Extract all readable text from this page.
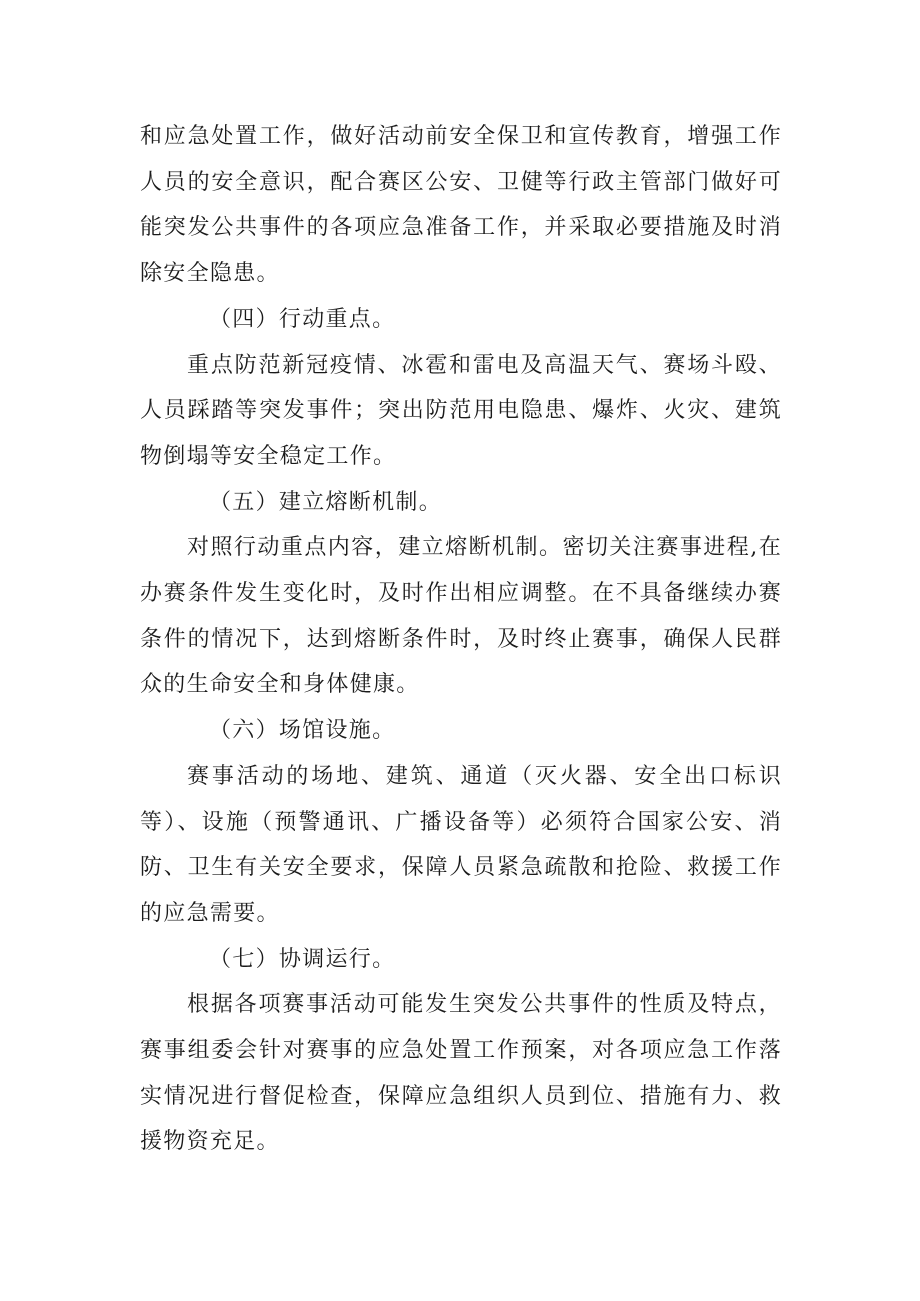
和应急处置工作，做好活动前安全保卫和宣传教育，增强工作人员的安全意识，配合赛区公安、卫健等行政主管部门做好可能突发公共事件的各项应急准备工作，并采取必要措施及时消除安全隐患。

（四）行动重点。

重点防范新冠疫情、冰雹和雷电及高温天气、赛场斗殴、人员踩踏等突发事件；突出防范用电隐患、爆炸、火灾、建筑物倒塌等安全稳定工作。

（五）建立熔断机制。

对照行动重点内容，建立熔断机制。密切关注赛事进程,在办赛条件发生变化时，及时作出相应调整。在不具备继续办赛条件的情况下，达到熔断条件时，及时终止赛事，确保人民群众的生命安全和身体健康。

（六）场馆设施。

赛事活动的场地、建筑、通道（灭火器、安全出口标识等）、设施（预警通讯、广播设备等）必须符合国家公安、消防、卫生有关安全要求，保障人员紧急疏散和抢险、救援工作的应急需要。

（七）协调运行。

根据各项赛事活动可能发生突发公共事件的性质及特点，赛事组委会针对赛事的应急处置工作预案，对各项应急工作落实情况进行督促检查，保障应急组织人员到位、措施有力、救援物资充足。
